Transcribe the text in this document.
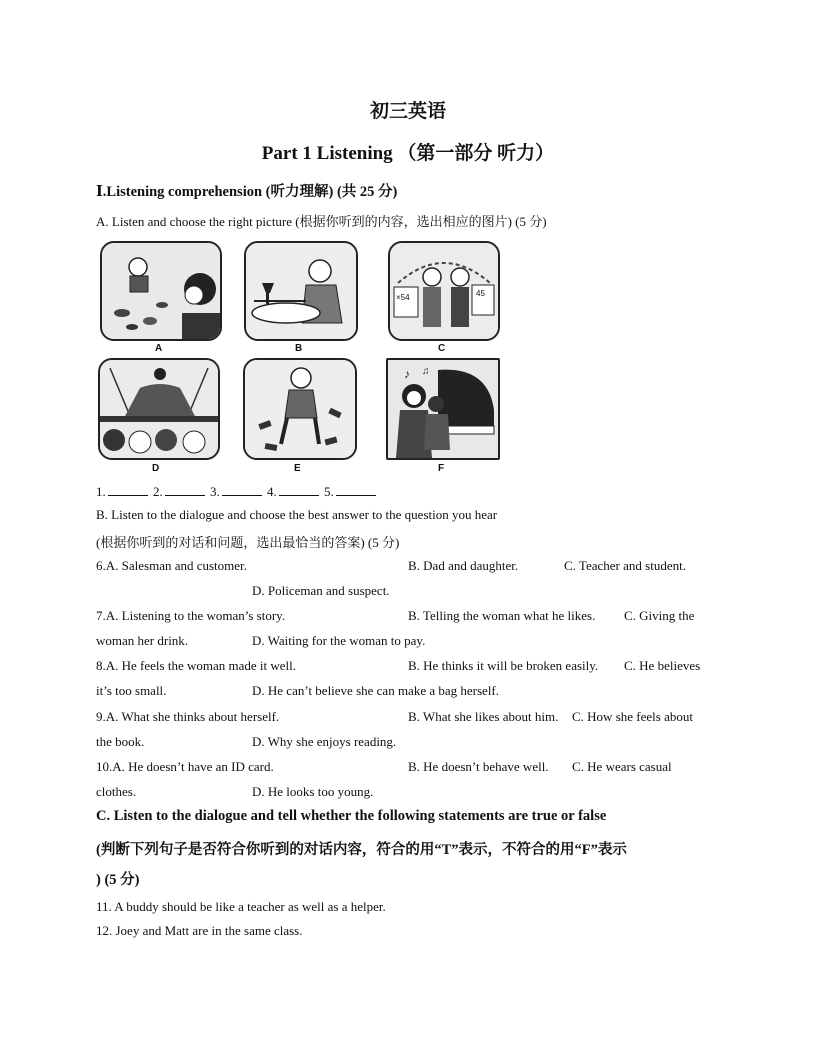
初三英语
Part 1 Listening （第一部分 听力）
Ⅰ.Listening comprehension (听力理解) (共 25 分)
A. Listen and choose the right picture (根据你听到的内容，选出相应的图片) (5 分)
×54	45
A	B	C
♪ ♫
D	E	F
1.	2.	3.	4.	5.
B. Listen to the dialogue and choose the best answer to the question you hear
(根据你听到的对话和问题，选出最恰当的答案) (5 分)
6.A. Salesman and customer.	B. Dad and daughter.	C. Teacher and student.
D. Policeman and suspect.
7.A. Listening to the woman’s story.	B. Telling the woman what he likes. C. Giving the
woman her drink.	D. Waiting for the woman to pay.
8.A. He feels the woman made it well.	B. He thinks it will be broken easily. C. He believes
it’s too small.	D. He can’t believe she can make a bag herself.
9.A. What she thinks about herself.	B. What she likes about him. C. How she feels about
the book.	D. Why she enjoys reading.
10.A. He doesn’t have an ID card.	B. He doesn’t behave well. C. He wears casual
clothes.	D. He looks too young.
C. Listen to the dialogue and tell whether the following statements are true or false
(判断下列句子是否符合你听到的对话内容，符合的用“T”表示，不符合的用“F”表示
) (5 分)
11. A buddy should be like a teacher as well as a helper.
12. Joey and Matt are in the same class.
